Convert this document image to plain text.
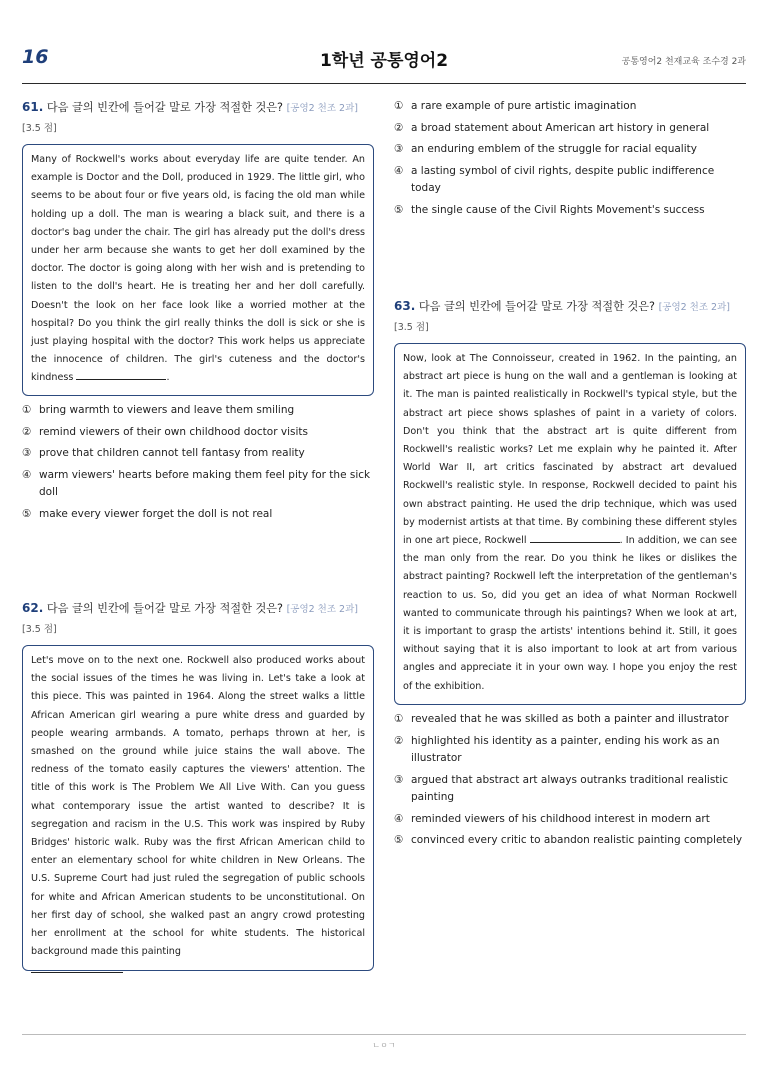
16	1학년 공통영어2	공통영어2 천재교육 조수경 2과
61. 다음 글의 빈칸에 들어갈 말로 가장 적절한 것은? [공영2 천조 2과] [3.5 점]
Many of Rockwell's works about everyday life are quite tender. An example is Doctor and the Doll, produced in 1929. The little girl, who seems to be about four or five years old, is facing the old man while holding up a doll. The man is wearing a black suit, and there is a doctor's bag under the chair. The girl has already put the doll's dress under her arm because she wants to get her doll examined by the doctor. The doctor is going along with her wish and is pretending to listen to the doll's heart. He is treating her and her doll carefully. Doesn't the look on her face look like a worried mother at the hospital? Do you think the girl really thinks the doll is sick or she is just playing hospital with the doctor? This work helps us appreciate the innocence of children. The girl's cuteness and the doctor's kindness	.
① bring warmth to viewers and leave them smiling
② remind viewers of their own childhood doctor visits
③ prove that children cannot tell fantasy from reality
④ warm viewers' hearts before making them feel pity for the sick doll
⑤ make every viewer forget the doll is not real
62. 다음 글의 빈칸에 들어갈 말로 가장 적절한 것은? [공영2 천조 2과] [3.5 점]
Let's move on to the next one. Rockwell also produced works about the social issues of the times he was living in. Let's take a look at this piece. This was painted in 1964. Along the street walks a little African American girl wearing a pure white dress and guarded by people wearing armbands. A tomato, perhaps thrown at her, is smashed on the ground while juice stains the wall above. The redness of the tomato easily captures the viewers' attention. The title of this work is The Problem We All Live With. Can you guess what contemporary issue the artist wanted to describe? It is segregation and racism in the U.S. This work was inspired by Ruby Bridges' historic walk. Ruby was the first African American child to enter an elementary school for white children in New Orleans. The U.S. Supreme Court had just ruled the segregation of public schools for white and African American students to be unconstitutional. On her first day of school, she walked past an angry crowd protesting her enrollment at the school for white students. The historical background made this painting
① a rare example of pure artistic imagination
② a broad statement about American art history in general
③ an enduring emblem of the struggle for racial equality
④ a lasting symbol of civil rights, despite public indifference today
⑤ the single cause of the Civil Rights Movement's success
63. 다음 글의 빈칸에 들어갈 말로 가장 적절한 것은? [공영2 천조 2과] [3.5 점]
Now, look at The Connoisseur, created in 1962. In the painting, an abstract art piece is hung on the wall and a gentleman is looking at it. The man is painted realistically in Rockwell's typical style, but the abstract art piece shows splashes of paint in a variety of colors. Don't you think that the abstract art is quite different from Rockwell's realistic works? Let me explain why he painted it. After World War II, art critics fascinated by abstract art devalued Rockwell's realistic style. In response, Rockwell decided to paint his own abstract painting. He used the drip technique, which was used by modernist artists at that time. By combining these different styles in one art piece, Rockwell	. In addition, we can see the man only from the rear. Do you think he likes or dislikes the abstract painting? Rockwell left the interpretation of the gentleman's reaction to us. So, did you get an idea of what Norman Rockwell wanted to communicate through his paintings? When we look at art, it is important to grasp the artists' intentions behind it. Still, it goes without saying that it is also important to look at art from various angles and appreciate it in your own way. I hope you enjoy the rest of the exhibition.
① revealed that he was skilled as both a painter and illustrator
② highlighted his identity as a painter, ending his work as an illustrator
③ argued that abstract art always outranks traditional realistic painting
④ reminded viewers of his childhood interest in modern art
⑤ convinced every critic to abandon realistic painting completely
ㄴㅇㄱ
